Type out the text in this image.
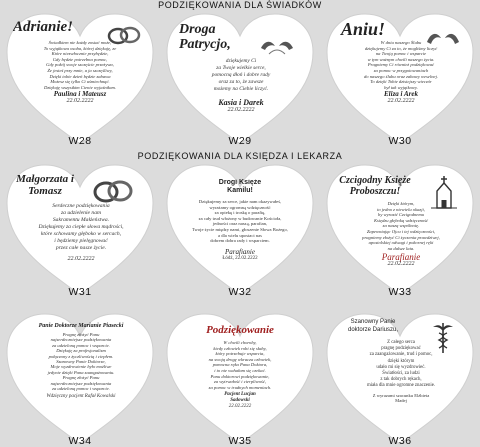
PODZIĘKOWANIA DLA ŚWIADKÓW
PODZIĘKOWANIA DLA KSIĘDZA I LEKARZA
Adrianie!
Świadkiem nie każdy zostać może,
To wyjątkowa osoba, której dziękuję, ze
Które niezwłocznie przybędzie,
Gdy będzie potrzebna pomoc,
Gdy pokój swoje szczęście przeżywa,
Że jesteś przy mnie, a ja szczęśliwy,
Dzięki tobie dzień będzie zabawa
Możesz się tylko Ci uśmiechnąć.
Dziękuję wszystkim Cienie wyjaśniłam.
Paulina i Mateusz
22.02.2222
W28
Droga Patrycjo,
dziękujemy Ci
za Twoje wielkie serce,
pomocną dłoń i dobre rady
oraz za to, że zawsze
możemy na Ciebie liczyć.
Kasia i Darek
22.02.2222
W29
Aniu!
W dniu naszego Ślubu
dziękujemy Ci za to, że mogliśmy liczyć
na Twoją pomoc i wsparcie
w tym ważnym chwili naszego życia.
Pragniemy Ci również podziękować
za pomoc w przygotowaniach
do naszego ślubu oraz zabawy weselnej.
To dzięki Tobie dzisiejszy wieczór
był tak wyjątkowy.
Eliza i Arek
22.02.2222
W30
Małgorzata i Tomasz
Serdeczne podziękowania
za udzielenie nam
Sakramentu Małżeństwa.
Dziękujemy za ciepłe słowa mądrości,
które schowamy głęboko w sercach,
i będziemy pielęgnować
przez całe nasze życie.
22.02.2222
W31
Drogi Księże Kamilu!
Dziękujemy za serce, jakie nam okazywałeś,
wyrażamy ogromną wdzięczność
za opiekę i troskę o parafię,
za cały trud włożony w budowanie Kościoła,
jedności oraz naszą, parafian,
Twoje życie między nami, głoszenie Słowa Bożego,
a dla wielu upostaci nas
dobrem dobra rady i wsparciem.
Parafianie
Łódź, 22.02.2222
W32
Czcigodny Księże Proboszczu!
Dzięki którym,
to jedno z niewielu okazji,
by wyrazić Czcigodnemu
Księdzu głęboką wdzięczność
za naszą wspólnotę.
Zapewniając Ojcu i tej wdzięczności,
pragniemy złożyć Ci życzenia prawdziwej,
apostolskiej odwagi i pokornej ręki
na dalsze lata.
Parafianie
22.02.2222
W33
Panie Doktorze Marianie Piasecki
Pragnę złożyć Panu
najserdeczniejsze podziękowania
za udzieloną pomoc i wsparcie.
Dziękuję za profesjonalizm
połączony z życzliwością i ciepłem.
Szanowny Panie Doktorze,
Moje wyzdrowienie było możliwe
jedynie dzięki Pana zaangażowaniu.
Pragnę złożyć Panu
najserdeczniejsze podziękowania
za udzieloną pomoc i wsparcie.
Wdzięczny pacjent Rafał Kowalski
W34
Podziękowanie
W chwili choroby,
kiedy człowiek robi się słaby,
który potrzebuje wsparcia,
na swoją drogę wkracza człowiek,
pomocna ręka Pana Doktora,
i to nie wahałam się czekać.
Panu doktorowi podziękowanie,
za wytrwałość i cierpliwość,
za pomoc w trudnych momentach.
Pacjent Lucjan Sadowski
22.02.2222
W35
Szanowny Panie doktorze Dariuszu,
Z całego serca
pragnę podziękować
za zaangażowanie, trud i pomoc,
dzięki którym
udało mi się wyzdrowieć.
Światłości, za ludzi
z tak dobrych rękach,
miała dla mnie ogromne znaczenie.
Z wyrazami szacunku Elżbieta Madej
W36
